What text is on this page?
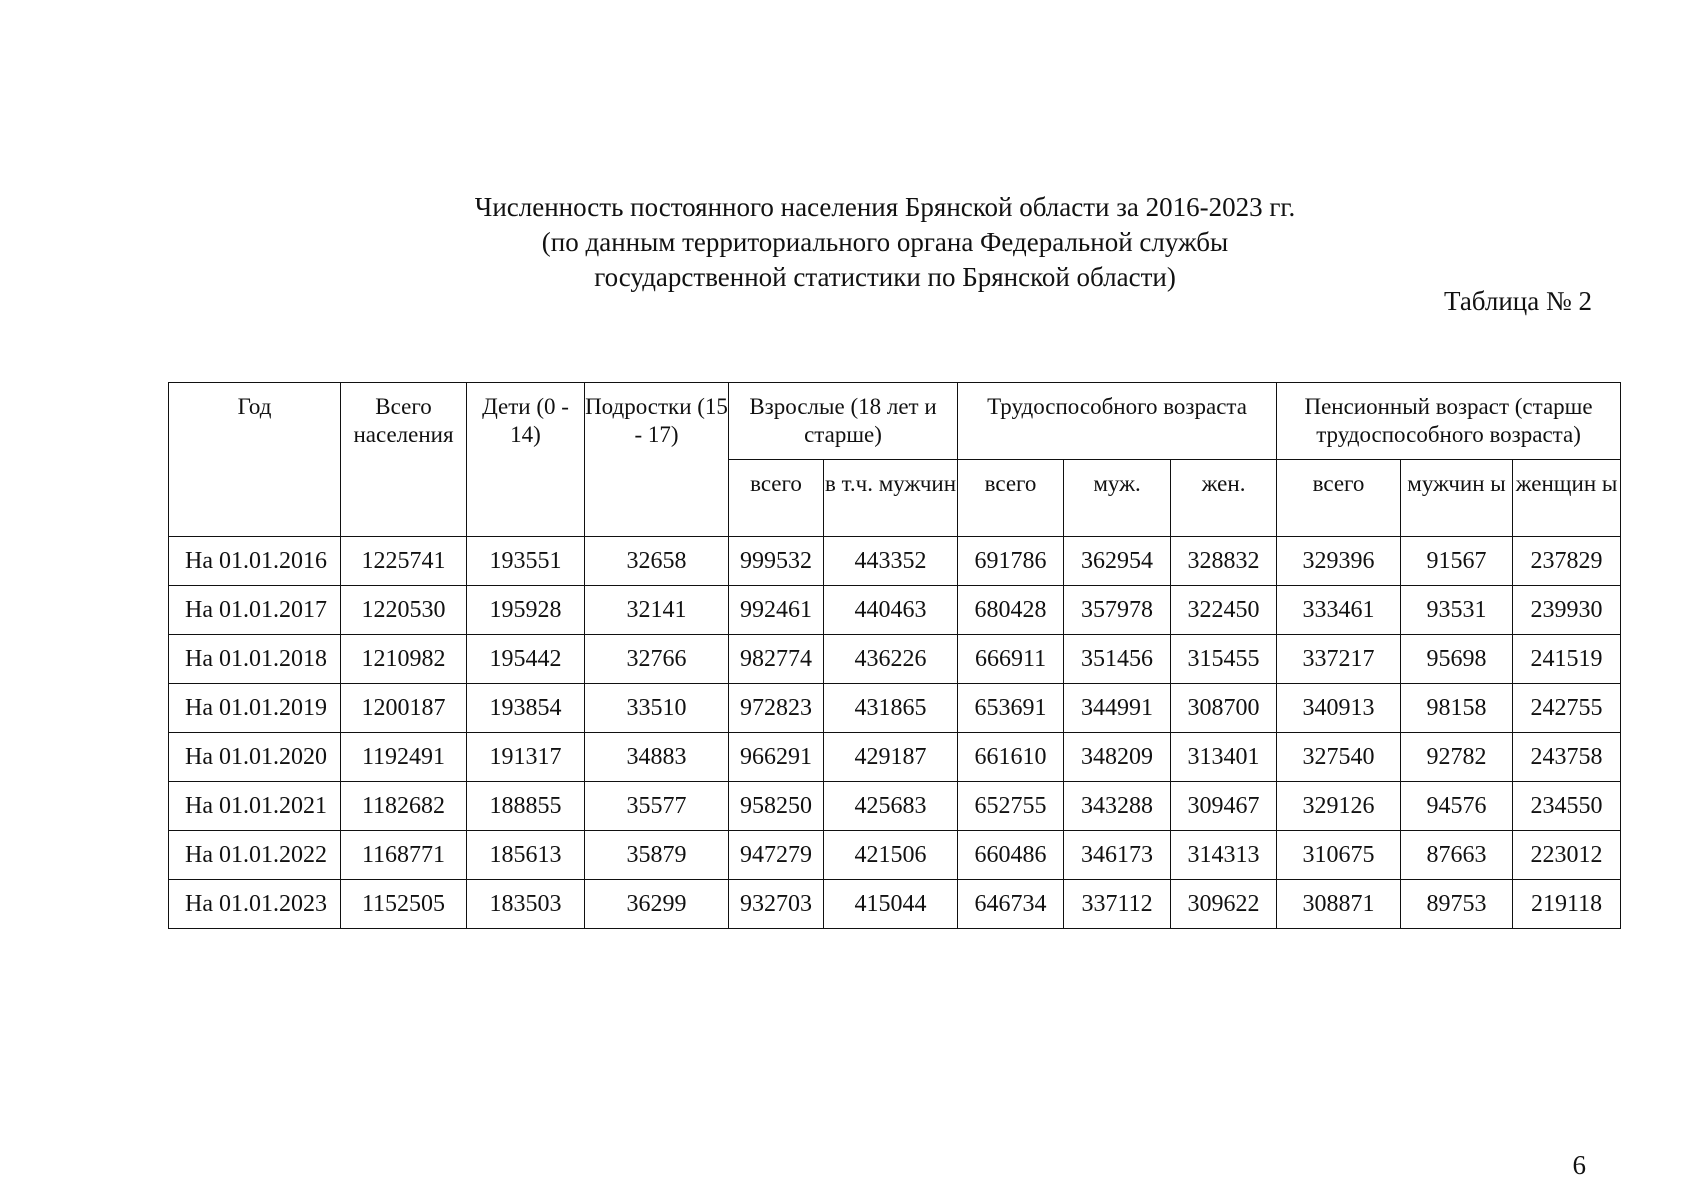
Численность постоянного населения Брянской области за 2016-2023 гг.
(по данным территориального органа Федеральной службы
государственной статистики по Брянской области)
Таблица № 2
Год	Всего населения	Дети (0 - 14)	Подростки (15 - 17)	Взрослые (18 лет и старше)		Трудоспособного возраста			Пенсионный возраст (старше трудоспособного возраста)		
				всего	в т.ч. мужчин	всего	муж.	жен.	всего	мужчин ы	женщин ы
На 01.01.2016	1225741	193551	32658	999532	443352	691786	362954	328832	329396	91567	237829
На 01.01.2017	1220530	195928	32141	992461	440463	680428	357978	322450	333461	93531	239930
На 01.01.2018	1210982	195442	32766	982774	436226	666911	351456	315455	337217	95698	241519
На 01.01.2019	1200187	193854	33510	972823	431865	653691	344991	308700	340913	98158	242755
На 01.01.2020	1192491	191317	34883	966291	429187	661610	348209	313401	327540	92782	243758
На 01.01.2021	1182682	188855	35577	958250	425683	652755	343288	309467	329126	94576	234550
На 01.01.2022	1168771	185613	35879	947279	421506	660486	346173	314313	310675	87663	223012
На 01.01.2023	1152505	183503	36299	932703	415044	646734	337112	309622	308871	89753	219118
6
